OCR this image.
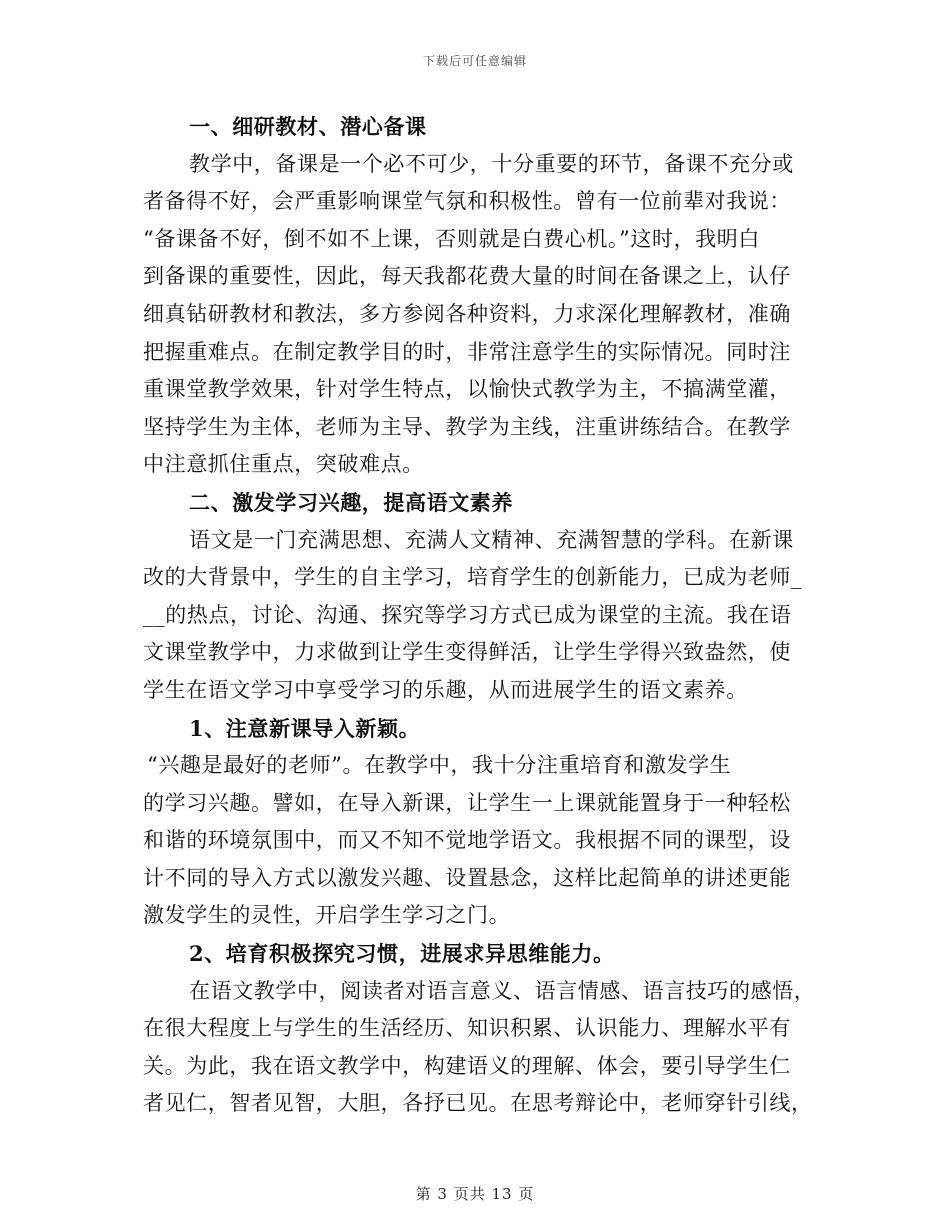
下载后可任意编辑
一、细研教材、潜心备课
教学中，备课是一个必不可少，十分重要的环节，备课不充分或
者备得不好，会严重影响课堂气氛和积极性。曾有一位前辈对我说：
“备课备不好，倒不如不上课，否则就是白费心机。”这时，我明白
到备课的重要性，因此，每天我都花费大量的时间在备课之上，认仔
细真钻研教材和教法，多方参阅各种资料，力求深化理解教材，准确
把握重难点。在制定教学目的时，非常注意学生的实际情况。同时注
重课堂教学效果，针对学生特点，以愉快式教学为主，不搞满堂灌，
坚持学生为主体，老师为主导、教学为主线，注重讲练结合。在教学
中注意抓住重点，突破难点。
二、激发学习兴趣，提高语文素养
语文是一门充满思想、充满人文精神、充满智慧的学科。在新课
改的大背景中，学生的自主学习，培育学生的创新能力，已成为老师_
__的热点，讨论、沟通、探究等学习方式已成为课堂的主流。我在语
文课堂教学中，力求做到让学生变得鲜活，让学生学得兴致盎然，使
学生在语文学习中享受学习的乐趣，从而进展学生的语文素养。
1、注意新课导入新颖。
“兴趣是最好的老师”。在教学中，我十分注重培育和激发学生
的学习兴趣。譬如，在导入新课，让学生一上课就能置身于一种轻松
和谐的环境氛围中，而又不知不觉地学语文。我根据不同的课型，设
计不同的导入方式以激发兴趣、设置悬念，这样比起简单的讲述更能
激发学生的灵性，开启学生学习之门。
2、培育积极探究习惯，进展求异思维能力。
在语文教学中，阅读者对语言意义、语言情感、语言技巧的感悟，
在很大程度上与学生的生活经历、知识积累、认识能力、理解水平有
关。为此，我在语文教学中，构建语义的理解、体会，要引导学生仁
者见仁，智者见智，大胆，各抒已见。在思考辩论中，老师穿针引线，
第 3 页共 13 页
